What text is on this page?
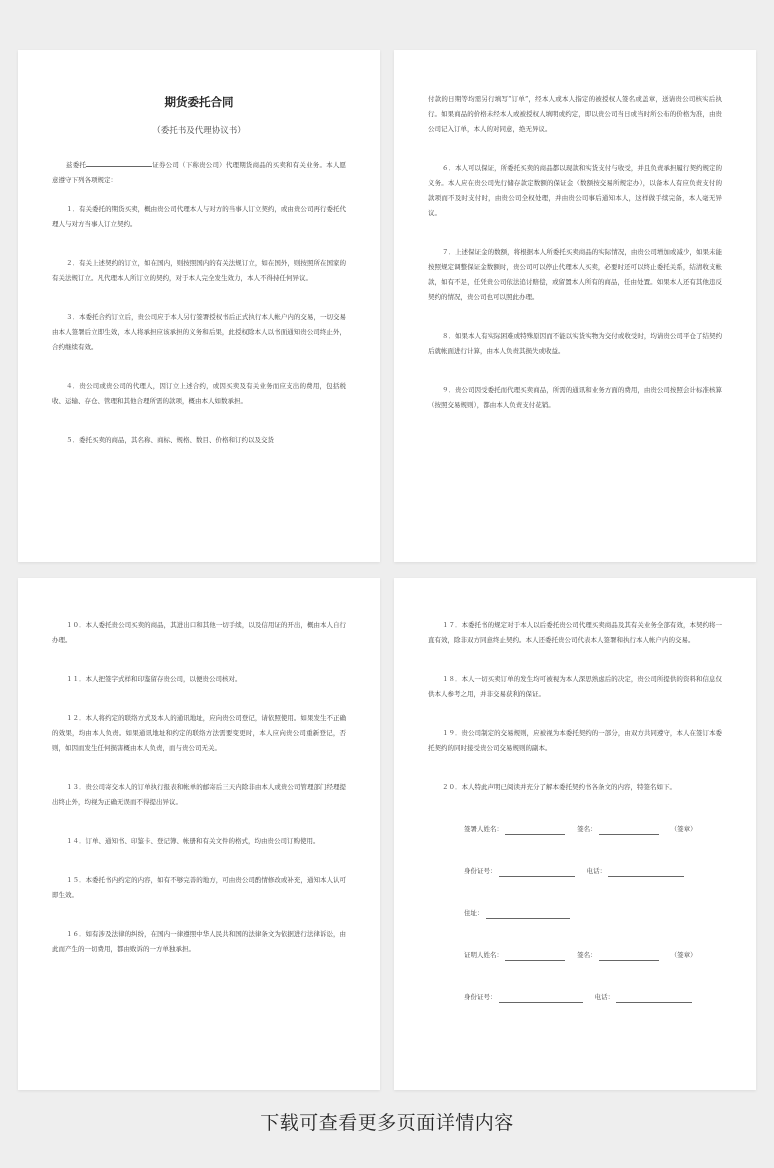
期货委托合同
（委托书及代理协议书）

兹委托	证券公司（下称贵公司）代理期货商品的买卖和有关业务。本人愿意遵守下列各项规定：

１．有关委托的期货买卖，概由贵公司代理本人与对方的当事人订立契约，或由贵公司再行委托代理人与对方当事人订立契约。

２．有关上述契约的订立，如在国内，则按照国内的有关法规订立，如在国外，则按照所在国家的有关法规订立。凡代理本人所订立的契约，对于本人完全发生效力，本人不得持任何异议。

３．本委托合约订立后，贵公司应于本人另行签署授权书后正式执行本人帐户内的交易，一切交易由本人签署后立即生效，本人将承担应该承担的义务和后果，此授权除本人以书面通知贵公司终止外，合约继续有效。

４．贵公司或贵公司的代理人，因订立上述合约，或因买卖及有关业务而应支出的费用，包括税收、运输、存仓、管理和其他合理所需的款项，概由本人如数承担。

５．委托买卖的商品，其名称、商标、规格、数目、价格和订约以及交货

付款的日期等均需另行填写“订单”，经本人或本人指定的被授权人签名或盖章，送请贵公司核实后执行。如果商品的价格未经本人或被授权人填明或约定，即以贵公司当日或当时所公布的价格为准，由贵公司记入订单，本人的对同意，绝无异议。

６．本人可以保证，所委托买卖的商品都以现款和实货支付与收受，并且负责承担履行契约规定的义务。本人应在贵公司先行储存款定数额的保证金（数额按交易所规定办），以备本人有应负责支付的款项而不及时支付时，由贵公司全权处理，并由贵公司事后通知本人，这样做手续完备，本人毫无异议。

７．上述保证金的数额，将根据本人所委托买卖商品的实际情况，由贵公司增加或减少，如果未能按照规定调整保证金数额时，贵公司可以停止代理本人买卖，必要时还可以终止委托关系，结清收支帐款，如有不足，任凭贵公司依法追讨赔偿，或留置本人所有的商品，任由处置。如果本人还有其他违反契约的情况，贵公司也可以照此办理。

８．如果本人有实际困难或特殊原因而不能以实货实物为交付或收受时，均请贵公司平仓了结契约后就帐面进行计算，由本人负责其损失或收益。

９．贵公司因受委托而代理买卖商品，所需的通讯和业务方面的费用，由贵公司按照会计标准核算（按照交易规则），都由本人负责支付花销。

１０．本人委托贵公司买卖的商品，其进出口和其他一切手续，以及信用证的开出，概由本人自行办理。

１１．本人把签字式样和印鉴留存贵公司，以便贵公司核对。

１２．本人将约定的联络方式及本人的通讯地址，应向贵公司登记，请依照使用。如果发生不正确的效果，均由本人负责。如果通讯地址和约定的联络方法需要变更时，本人应向贵公司重新登记，否则，如因而发生任何损害概由本人负责，而与贵公司无关。

１３．贵公司寄交本人的订单执行报表和帐单的邮寄后三天内除非由本人或贵公司管理部门经理提出终止外，均视为正确无误而不得提出异议。

１４．订单、通知书、印鉴卡、登记簿、帐册和有关文件的格式，均由贵公司订购使用。

１５．本委托书内约定的内容，如有不够完善的地方，可由贵公司酌情修改或补充，通知本人认可即生效。

１６．如有涉及法律的纠纷，在国内一律遵照中华人民共和国的法律条文为依据进行法律诉讼，由此而产生的一切费用，都由败诉的一方单独承担。

１７．本委托书的规定对于本人以后委托贵公司代理买卖商品及其有关业务全部有效，本契约将一直有效，除非双方同意终止契约。本人还委托贵公司代表本人签署和执行本人帐户内的交易。

１８．本人一切买卖订单的发生均可被视为本人深思熟虑后的决定，贵公司所提供的资料和信息仅供本人参考之用，并非交易获利的保证。

１９．贵公司制定的交易规则，应被视为本委托契约的一部分，由双方共同遵守，本人在签订本委托契约的同时接受贵公司交易规则的副本。

２０．本人特此声明已阅读并充分了解本委托契约书各条文的内容，特签名如下。

签署人姓名：	签名：	（签章）
身份证号：	电话：
住址：
证明人姓名：	签名：	（签章）
身份证号：	电话：
下载可查看更多页面详情内容
